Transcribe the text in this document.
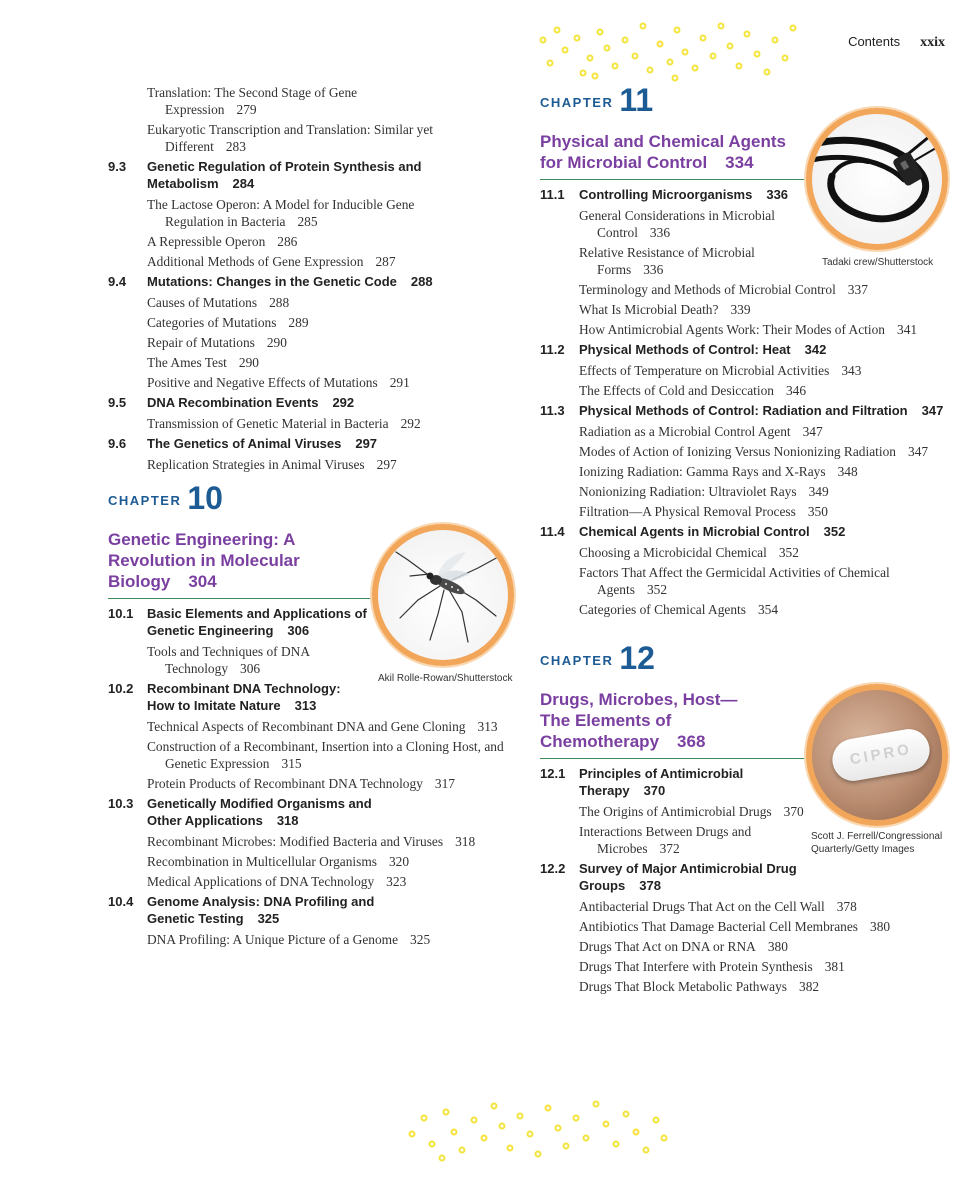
Contents xxix
Translation: The Second Stage of Gene Expression 279
Eukaryotic Transcription and Translation: Similar yet Different 283
9.3 Genetic Regulation of Protein Synthesis and Metabolism 284
The Lactose Operon: A Model for Inducible Gene Regulation in Bacteria 285
A Repressible Operon 286
Additional Methods of Gene Expression 287
9.4 Mutations: Changes in the Genetic Code 288
Causes of Mutations 288
Categories of Mutations 289
Repair of Mutations 290
The Ames Test 290
Positive and Negative Effects of Mutations 291
9.5 DNA Recombination Events 292
Transmission of Genetic Material in Bacteria 292
9.6 The Genetics of Animal Viruses 297
Replication Strategies in Animal Viruses 297
CHAPTER 10
Genetic Engineering: A Revolution in Molecular Biology 304
10.1 Basic Elements and Applications of Genetic Engineering 306
Tools and Techniques of DNA Technology 306
10.2 Recombinant DNA Technology: How to Imitate Nature 313
Technical Aspects of Recombinant DNA and Gene Cloning 313
Construction of a Recombinant, Insertion into a Cloning Host, and Genetic Expression 315
Protein Products of Recombinant DNA Technology 317
10.3 Genetically Modified Organisms and Other Applications 318
Recombinant Microbes: Modified Bacteria and Viruses 318
Recombination in Multicellular Organisms 320
Medical Applications of DNA Technology 323
10.4 Genome Analysis: DNA Profiling and Genetic Testing 325
DNA Profiling: A Unique Picture of a Genome 325
Akil Rolle-Rowan/Shutterstock
CHAPTER 11
Physical and Chemical Agents for Microbial Control 334
11.1 Controlling Microorganisms 336
General Considerations in Microbial Control 336
Relative Resistance of Microbial Forms 336
Terminology and Methods of Microbial Control 337
What Is Microbial Death? 339
How Antimicrobial Agents Work: Their Modes of Action 341
11.2 Physical Methods of Control: Heat 342
Effects of Temperature on Microbial Activities 343
The Effects of Cold and Desiccation 346
11.3 Physical Methods of Control: Radiation and Filtration 347
Radiation as a Microbial Control Agent 347
Modes of Action of Ionizing Versus Nonionizing Radiation 347
Ionizing Radiation: Gamma Rays and X-Rays 348
Nonionizing Radiation: Ultraviolet Rays 349
Filtration—A Physical Removal Process 350
11.4 Chemical Agents in Microbial Control 352
Choosing a Microbicidal Chemical 352
Factors That Affect the Germicidal Activities of Chemical Agents 352
Categories of Chemical Agents 354
Tadaki crew/Shutterstock
CHAPTER 12
Drugs, Microbes, Host— The Elements of Chemotherapy 368
12.1 Principles of Antimicrobial Therapy 370
The Origins of Antimicrobial Drugs 370
Interactions Between Drugs and Microbes 372
12.2 Survey of Major Antimicrobial Drug Groups 378
Antibacterial Drugs That Act on the Cell Wall 378
Antibiotics That Damage Bacterial Cell Membranes 380
Drugs That Act on DNA or RNA 380
Drugs That Interfere with Protein Synthesis 381
Drugs That Block Metabolic Pathways 382
CIPRO
Scott J. Ferrell/Congressional Quarterly/Getty Images
